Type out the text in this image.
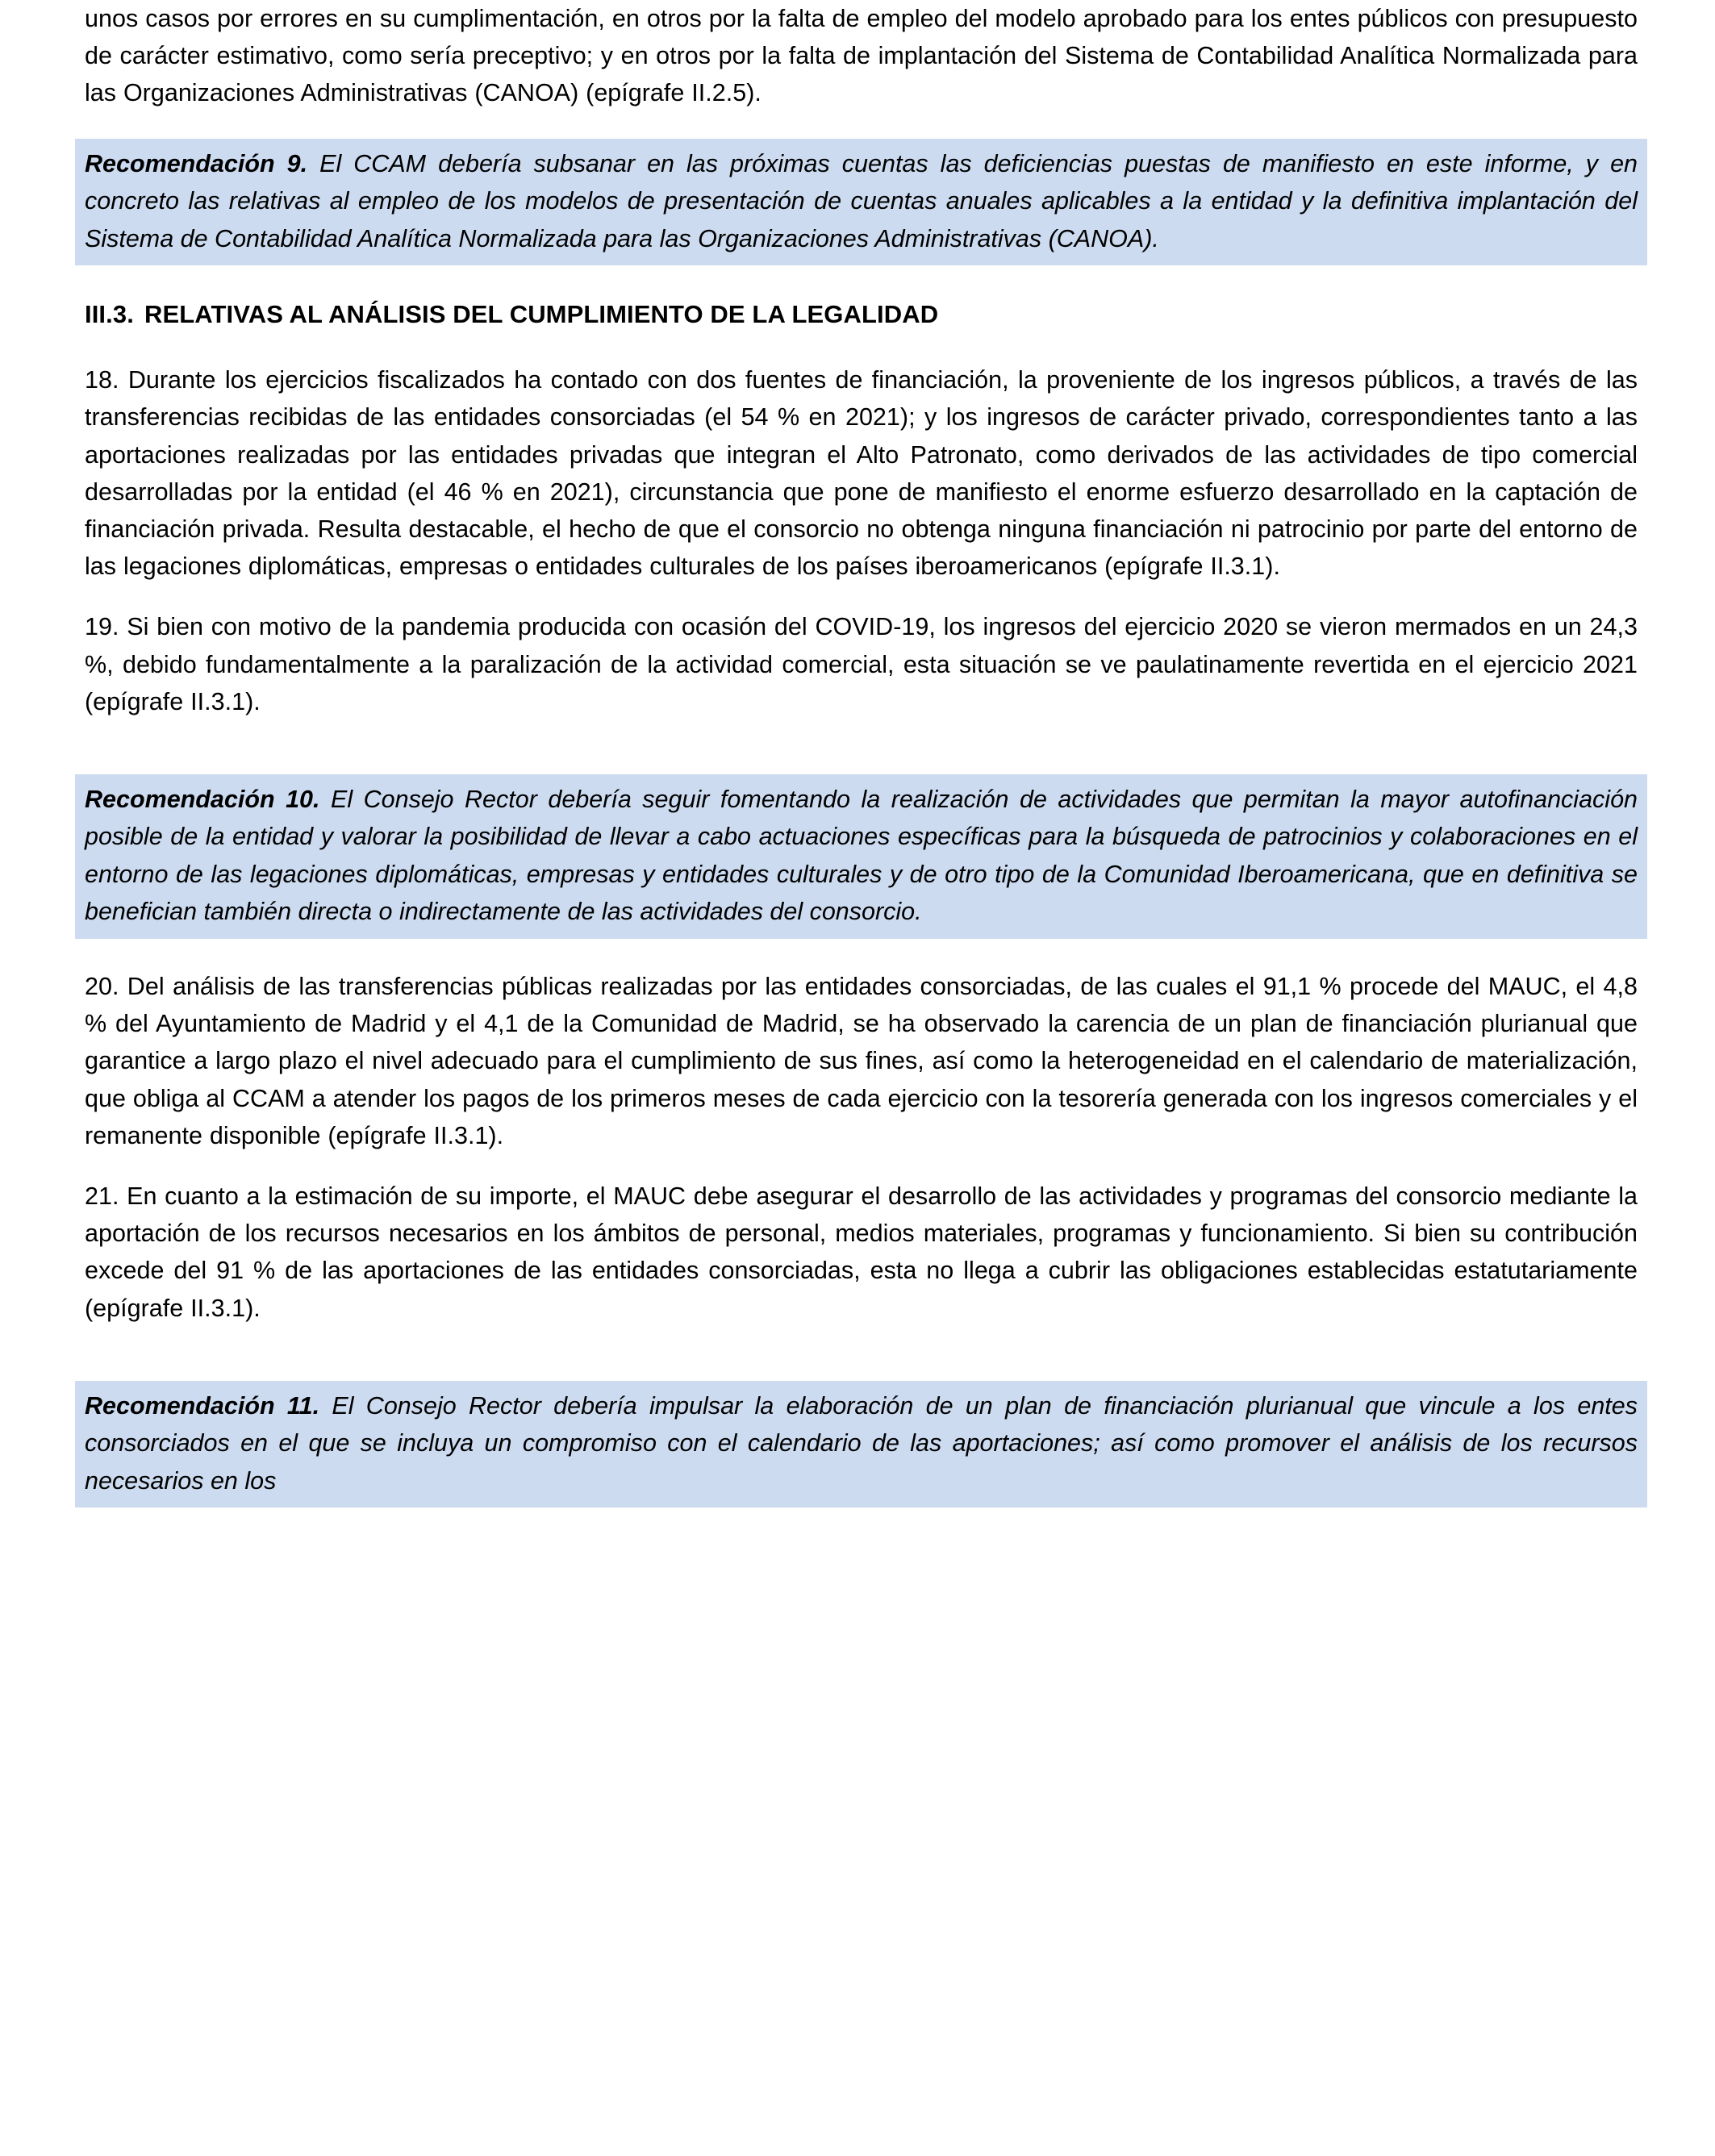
unos casos por errores en su cumplimentación, en otros por la falta de empleo del modelo aprobado para los entes públicos con presupuesto de carácter estimativo, como sería preceptivo; y en otros por la falta de implantación del Sistema de Contabilidad Analítica Normalizada para las Organizaciones Administrativas (CANOA) (epígrafe II.2.5).

Recomendación 9. El CCAM debería subsanar en las próximas cuentas las deficiencias puestas de manifiesto en este informe, y en concreto las relativas al empleo de los modelos de presentación de cuentas anuales aplicables a la entidad y la definitiva implantación del Sistema de Contabilidad Analítica Normalizada para las Organizaciones Administrativas (CANOA).
III.3. RELATIVAS AL ANÁLISIS DEL CUMPLIMIENTO DE LA LEGALIDAD

18. Durante los ejercicios fiscalizados ha contado con dos fuentes de financiación, la proveniente de los ingresos públicos, a través de las transferencias recibidas de las entidades consorciadas (el 54 % en 2021); y los ingresos de carácter privado, correspondientes tanto a las aportaciones realizadas por las entidades privadas que integran el Alto Patronato, como derivados de las actividades de tipo comercial desarrolladas por la entidad (el 46 % en 2021), circunstancia que pone de manifiesto el enorme esfuerzo desarrollado en la captación de financiación privada. Resulta destacable, el hecho de que el consorcio no obtenga ninguna financiación ni patrocinio por parte del entorno de las legaciones diplomáticas, empresas o entidades culturales de los países iberoamericanos (epígrafe II.3.1).

19. Si bien con motivo de la pandemia producida con ocasión del COVID-19, los ingresos del ejercicio 2020 se vieron mermados en un 24,3 %, debido fundamentalmente a la paralización de la actividad comercial, esta situación se ve paulatinamente revertida en el ejercicio 2021 (epígrafe II.3.1).

Recomendación 10. El Consejo Rector debería seguir fomentando la realización de actividades que permitan la mayor autofinanciación posible de la entidad y valorar la posibilidad de llevar a cabo actuaciones específicas para la búsqueda de patrocinios y colaboraciones en el entorno de las legaciones diplomáticas, empresas y entidades culturales y de otro tipo de la Comunidad Iberoamericana, que en definitiva se benefician también directa o indirectamente de las actividades del consorcio.

20. Del análisis de las transferencias públicas realizadas por las entidades consorciadas, de las cuales el 91,1 % procede del MAUC, el 4,8 % del Ayuntamiento de Madrid y el 4,1 de la Comunidad de Madrid, se ha observado la carencia de un plan de financiación plurianual que garantice a largo plazo el nivel adecuado para el cumplimiento de sus fines, así como la heterogeneidad en el calendario de materialización, que obliga al CCAM a atender los pagos de los primeros meses de cada ejercicio con la tesorería generada con los ingresos comerciales y el remanente disponible (epígrafe II.3.1).

21. En cuanto a la estimación de su importe, el MAUC debe asegurar el desarrollo de las actividades y programas del consorcio mediante la aportación de los recursos necesarios en los ámbitos de personal, medios materiales, programas y funcionamiento. Si bien su contribución excede del 91 % de las aportaciones de las entidades consorciadas, esta no llega a cubrir las obligaciones establecidas estatutariamente (epígrafe II.3.1).

Recomendación 11. El Consejo Rector debería impulsar la elaboración de un plan de financiación plurianual que vincule a los entes consorciados en el que se incluya un compromiso con el calendario de las aportaciones; así como promover el análisis de los recursos necesarios en los
